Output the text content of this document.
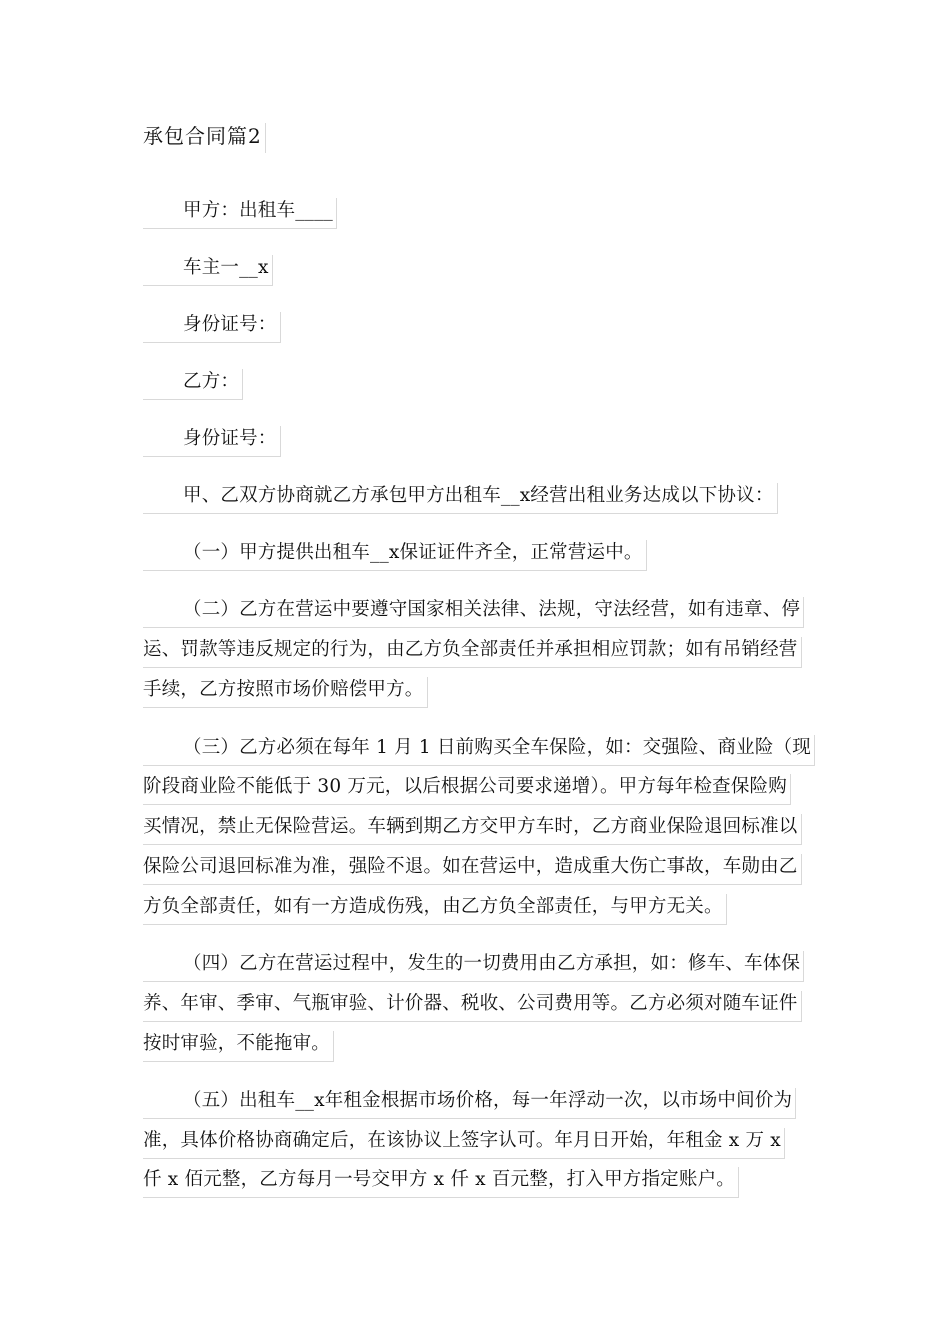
承包合同篇2
甲方：出租车____
车主一__x
身份证号：
乙方：
身份证号：
甲、乙双方协商就乙方承包甲方出租车__x经营出租业务达成以下协议：
（一）甲方提供出租车__x保证证件齐全，正常营运中。
（二）乙方在营运中要遵守国家相关法律、法规，守法经营，如有违章、停
运、罚款等违反规定的行为，由乙方负全部责任并承担相应罚款；如有吊销经营
手续，乙方按照市场价赔偿甲方。
（三）乙方必须在每年 1 月 1 日前购买全车保险，如：交强险、商业险（现
阶段商业险不能低于 30 万元，以后根据公司要求递增）。甲方每年检查保险购
买情况，禁止无保险营运。车辆到期乙方交甲方车时，乙方商业保险退回标准以
保险公司退回标准为准，强险不退。如在营运中，造成重大伤亡事故，车勋由乙
方负全部责任，如有一方造成伤残，由乙方负全部责任，与甲方无关。
（四）乙方在营运过程中，发生的一切费用由乙方承担，如：修车、车体保
养、年审、季审、气瓶审验、计价器、税收、公司费用等。乙方必须对随车证件
按时审验，不能拖审。
（五）出租车__x年租金根据市场价格，每一年浮动一次，以市场中间价为
准，具体价格协商确定后，在该协议上签字认可。年月日开始，年租金 x 万 x
仟 x 佰元整，乙方每月一号交甲方 x 仟 x 百元整，打入甲方指定账户。
